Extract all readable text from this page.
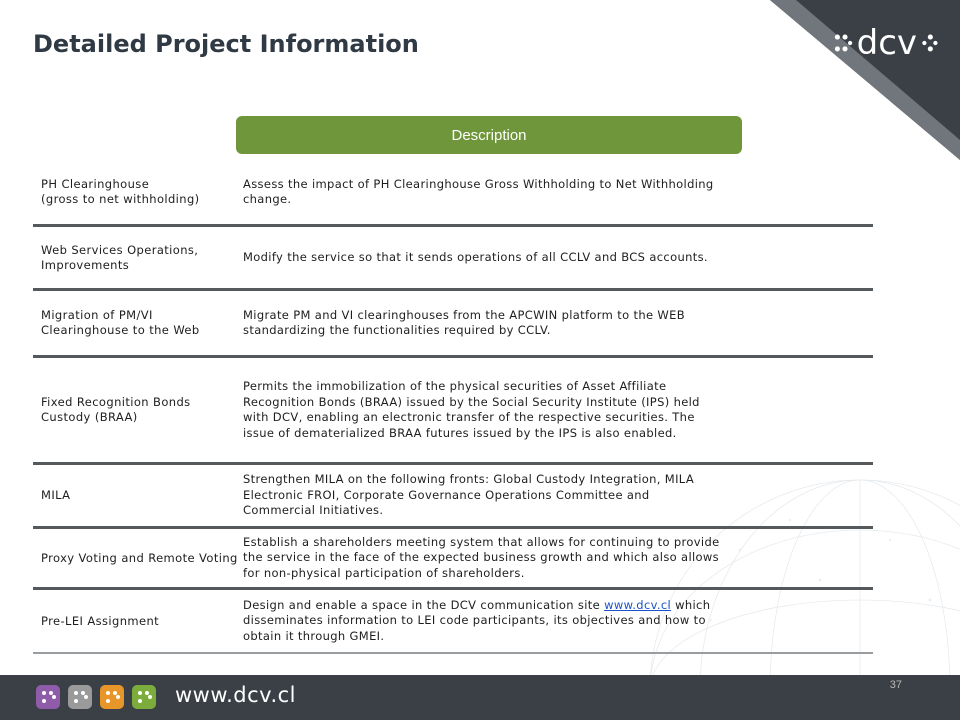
dcv
Detailed Project Information
Description
PH Clearinghouse
(gross to net withholding)
Assess the impact of PH Clearinghouse Gross Withholding to Net Withholding change.
Web Services Operations, Improvements
Modify the service so that it sends operations of all CCLV and BCS accounts.
Migration of PM/VI Clearinghouse to the Web
Migrate PM and VI clearinghouses from the APCWIN platform to the WEB standardizing the functionalities required by CCLV.
Fixed Recognition Bonds Custody (BRAA)
Permits the immobilization of the physical securities of Asset Affiliate Recognition Bonds (BRAA) issued by the Social Security Institute (IPS) held with DCV, enabling an electronic transfer of the respective securities. The issue of dematerialized BRAA futures issued by the IPS is also enabled.
MILA
Strengthen MILA on the following fronts: Global Custody Integration, MILA Electronic FROI, Corporate Governance Operations Committee and Commercial Initiatives.
Proxy Voting and Remote Voting
Establish a shareholders meeting system that allows for continuing to provide the service in the face of the expected business growth and which also allows for non-physical participation of shareholders.
Pre-LEI Assignment
Design and enable a space in the DCV communication site www.dcv.cl which disseminates information to LEI code participants, its objectives and how to obtain it through GMEI.
www.dcv.cl	37
